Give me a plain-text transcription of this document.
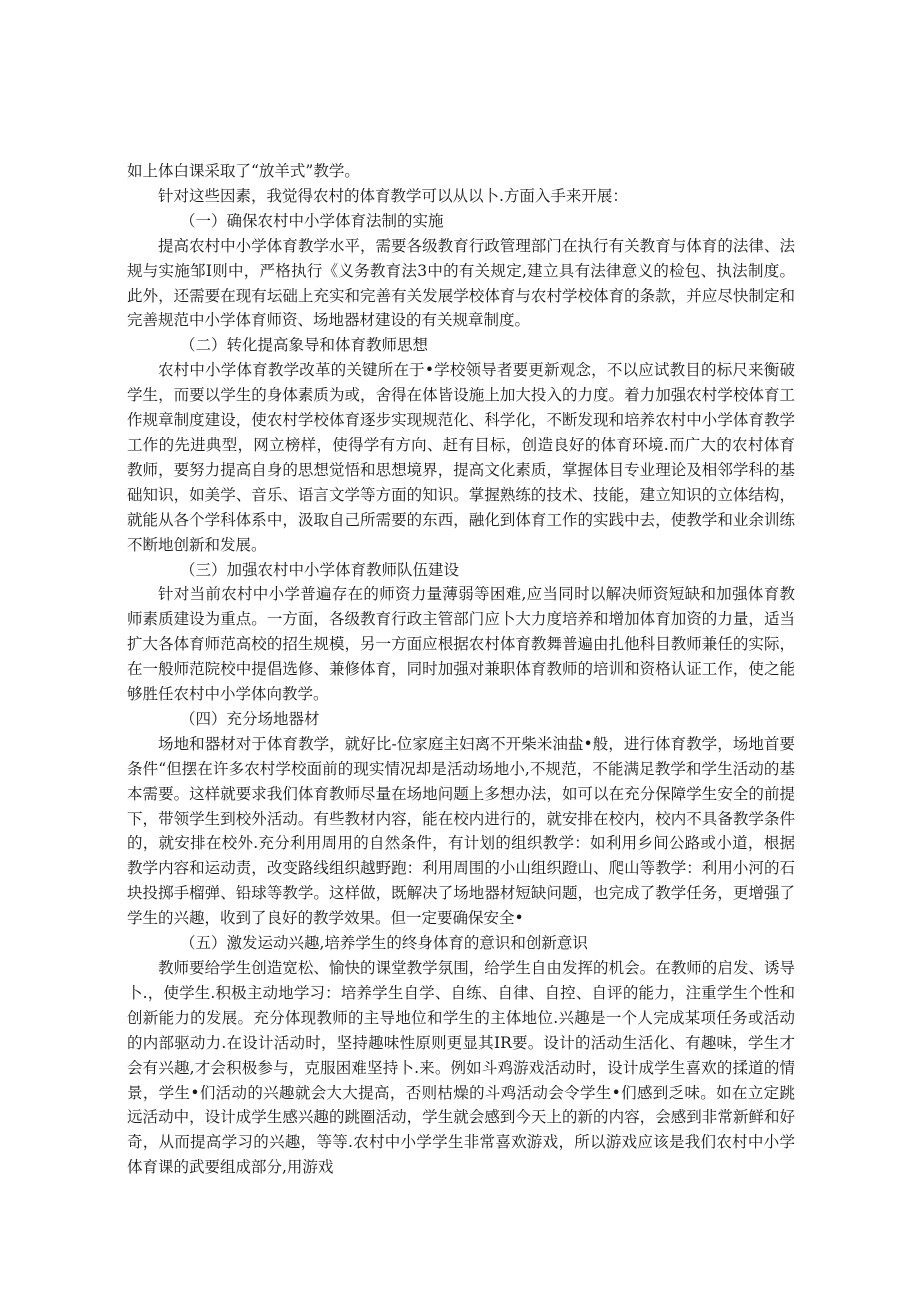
如上体白课采取了“放羊式”教学。

针对这些因素，我觉得农村的体育教学可以从以卜.方面入手来开展：

（一）确保农村中小学体育法制的实施

提高农村中小学体育教学水平，需要各级教育行政管理部门在执行有关教育与体育的法律、法规与实施邹I则中，严格执行《义务教育法3中的有关规定,建立具有法律意义的检包、执法制度。此外，还需要在现有坛础上充实和完善有关发展学校体育与农村学校体育的条款，并应尽快制定和完善规范中小学体育师资、场地器材建设的有关规章制度。

（二）转化提高象导和体育教师思想

农村中小学体育教学改革的关键所在于•学校领导者要更新观念，不以应试教目的标尺来衡破学生，而要以学生的身体素质为或，舍得在体皆设施上加大投入的力度。着力加强农村学校体育工作规章制度建设，使农村学校体育逐步实现规范化、科学化，不断发现和培养农村中小学体育教学工作的先进典型，网立榜样，使得学有方向、赶有目标，创造良好的体育环境.而广大的农村体育教师，要努力提高自身的思想觉悟和思想境界，提高文化素质，掌握体目专业理论及相邻学科的基础知识，如美学、音乐、语言文学等方面的知识。掌握熟练的技术、技能，建立知识的立体结构，就能从各个学科体系中，汲取自己所需要的东西，融化到体育工作的实践中去，使教学和业余训练不断地创新和发展。

（三）加强农村中小学体育教师队伍建设

针对当前农村中小学普遍存在的师资力量薄弱等困难,应当同时以解决师资短缺和加强体育教师素质建设为重点。一方面，各级教育行政主管部门应卜大力度培养和增加体育加资的力量，适当扩大各体育师范高校的招生规模，另一方面应根据农村体育教舞普遍由扎他科目教师兼任的实际，在一般师范院校中提倡选修、兼修体育，同时加强对兼职体育教师的培训和资格认证工作，使之能够胜任农村中小学体向教学。

（四）充分场地器材

场地和器材对于体育教学，就好比-位家庭主妇离不开柴米油盐•般，进行体育教学，场地首要条件“但摆在许多农村学校面前的现实情况却是活动场地小,不规范，不能满足教学和学生活动的基本需要。这样就要求我们体育教师尽量在场地问题上多想办法，如可以在充分保障学生安全的前提下，带领学生到校外活动。有些教材内容，能在校内进行的，就安排在校内，校内不具备教学条件的，就安排在校外.充分利用周用的自然条件，有计划的组织教学：如利用乡间公路或小道，根据教学内容和运动责，改变路线组织越野跑：利用周围的小山组织蹬山、爬山等教学：利用小河的石块投掷手榴弹、铅球等教学。这样做，既解决了场地器材短缺问题，也完成了教学任务，更增强了学生的兴趣，收到了良好的教学效果。但一定要确保安全•

（五）激发运动兴趣,培养学生的终身体育的意识和创新意识

教师要给学生创造宽松、愉快的课堂教学氛围，给学生自由发挥的机会。在教师的启发、诱导卜.，使学生.积极主动地学习：培养学生自学、自练、自律、自控、自评的能力，注重学生个性和创新能力的发展。充分体现教师的主导地位和学生的主体地位.兴趣是一个人完成某项任务或活动的内部驱动力.在设计活动时，坚持趣味性原则更显其IR要。设计的活动生活化、有趣味，学生才会有兴趣,才会积极参与，克服困难坚持卜.来。例如斗鸡游戏活动时，设计成学生喜欢的揉道的情景，学生•们活动的兴趣就会大大提高，否则枯燥的斗鸡活动会令学生•们感到乏味。如在立定跳远活动中，设计成学生感兴趣的跳圈活动，学生就会感到今天上的新的内容，会感到非常新鲜和好奇，从而提高学习的兴趣，等等.农村中小学学生非常喜欢游戏，所以游戏应该是我们农村中小学体育课的武要组成部分,用游戏
